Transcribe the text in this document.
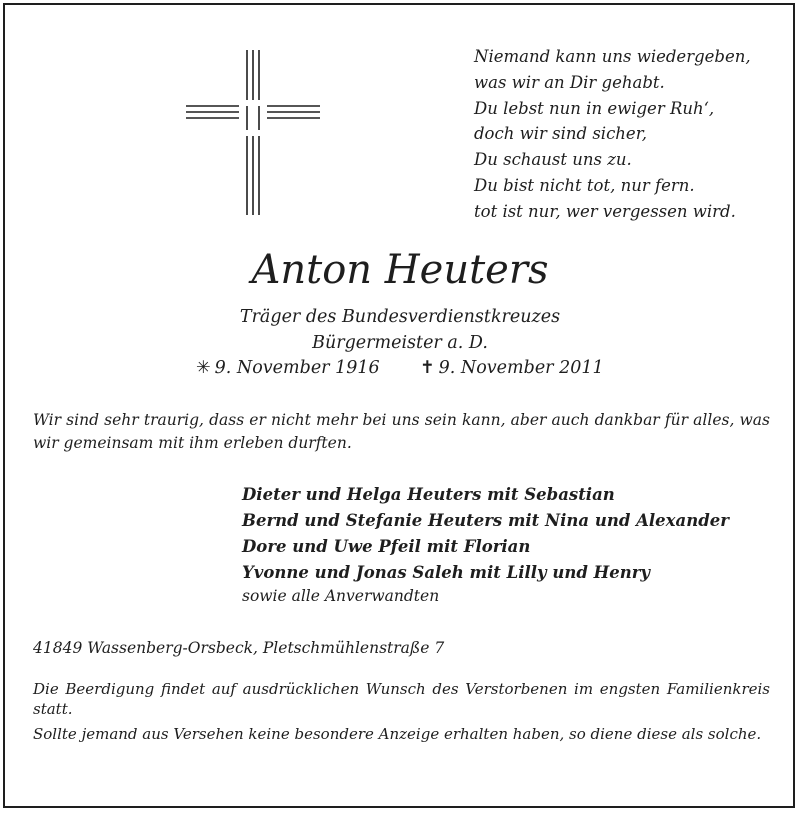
Niemand kann uns wiedergeben,
was wir an Dir gehabt.
Du lebst nun in ewiger Ruh‘,
doch wir sind sicher,
Du schaust uns zu.
Du bist nicht tot, nur fern.
tot ist nur, wer vergessen wird.
Anton Heuters
Träger des Bundesverdienstkreuzes
Bürgermeister a. D.
✳ 9. November 1916 ✝ 9. November 2011
Wir sind sehr traurig, dass er nicht mehr bei uns sein kann, aber auch dankbar für alles, was wir gemeinsam mit ihm erleben durften.
Dieter und Helga Heuters mit Sebastian
Bernd und Stefanie Heuters mit Nina und Alexander
Dore und Uwe Pfeil mit Florian
Yvonne und Jonas Saleh mit Lilly und Henry
sowie alle Anverwandten
41849 Wassenberg-Orsbeck, Pletschmühlenstraße 7
Die Beerdigung findet auf ausdrücklichen Wunsch des Verstorbenen im engsten Familienkreis statt.
Sollte jemand aus Versehen keine besondere Anzeige erhalten haben, so diene diese als solche.
